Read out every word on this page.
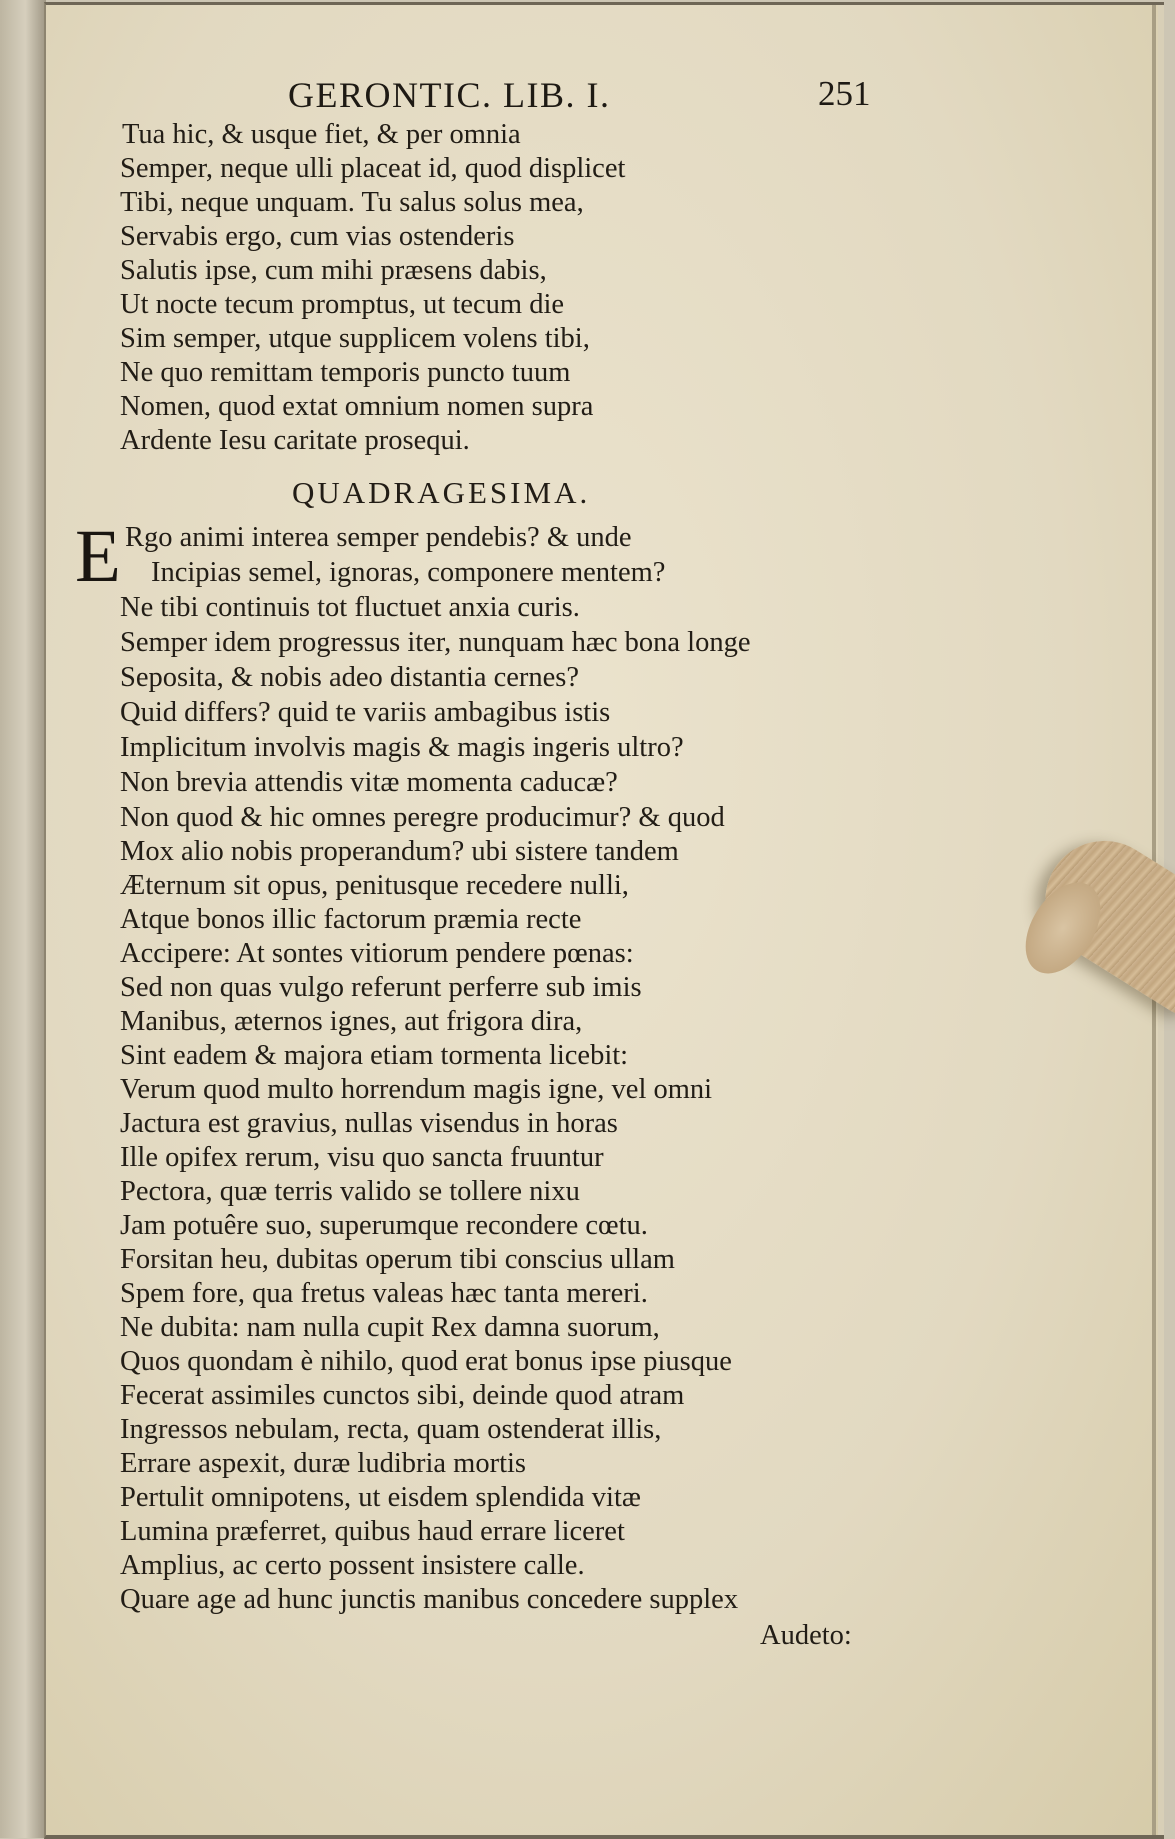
GERONTIC. LIB. I.	251
Tua hic, & usque fiet, & per omnia
Semper, neque ulli placeat id, quod displicet
Tibi, neque unquam. Tu salus solus mea,
Servabis ergo, cum vias ostenderis
Salutis ipse, cum mihi præsens dabis,
Ut nocte tecum promptus, ut tecum die
Sim semper, utque supplicem volens tibi,
Ne quo remittam temporis puncto tuum
Nomen, quod extat omnium nomen supra
Ardente Iesu caritate prosequi.
QUADRAGESIMA.
E Rgo animi interea semper pendebis? & unde
Incipias semel, ignoras, componere mentem?
Ne tibi continuis tot fluctuet anxia curis.
Semper idem progressus iter, nunquam hæc bona longe
Seposita, & nobis adeo distantia cernes?
Quid differs? quid te variis ambagibus istis
Implicitum involvis magis & magis ingeris ultro?
Non brevia attendis vitæ momenta caducæ?
Non quod & hic omnes peregre producimur? & quod
Mox alio nobis properandum? ubi sistere tandem
Æternum sit opus, penitusque recedere nulli,
Atque bonos illic factorum præmia recte
Accipere: At sontes vitiorum pendere pœnas:
Sed non quas vulgo referunt perferre sub imis
Manibus, æternos ignes, aut frigora dira,
Sint eadem & majora etiam tormenta licebit:
Verum quod multo horrendum magis igne, vel omni
Jactura est gravius, nullas visendus in horas
Ille opifex rerum, visu quo sancta fruuntur
Pectora, quæ terris valido se tollere nixu
Jam potuêre suo, superumque recondere cœtu.
Forsitan heu, dubitas operum tibi conscius ullam
Spem fore, qua fretus valeas hæc tanta mereri.
Ne dubita: nam nulla cupit Rex damna suorum,
Quos quondam è nihilo, quod erat bonus ipse piusque
Fecerat assimiles cunctos sibi, deinde quod atram
Ingressos nebulam, recta, quam ostenderat illis,
Errare aspexit, duræ ludibria mortis
Pertulit omnipotens, ut eisdem splendida vitæ
Lumina præferret, quibus haud errare liceret
Amplius, ac certo possent insistere calle.
Quare age ad hunc junctis manibus concedere supplex
Audeto:
